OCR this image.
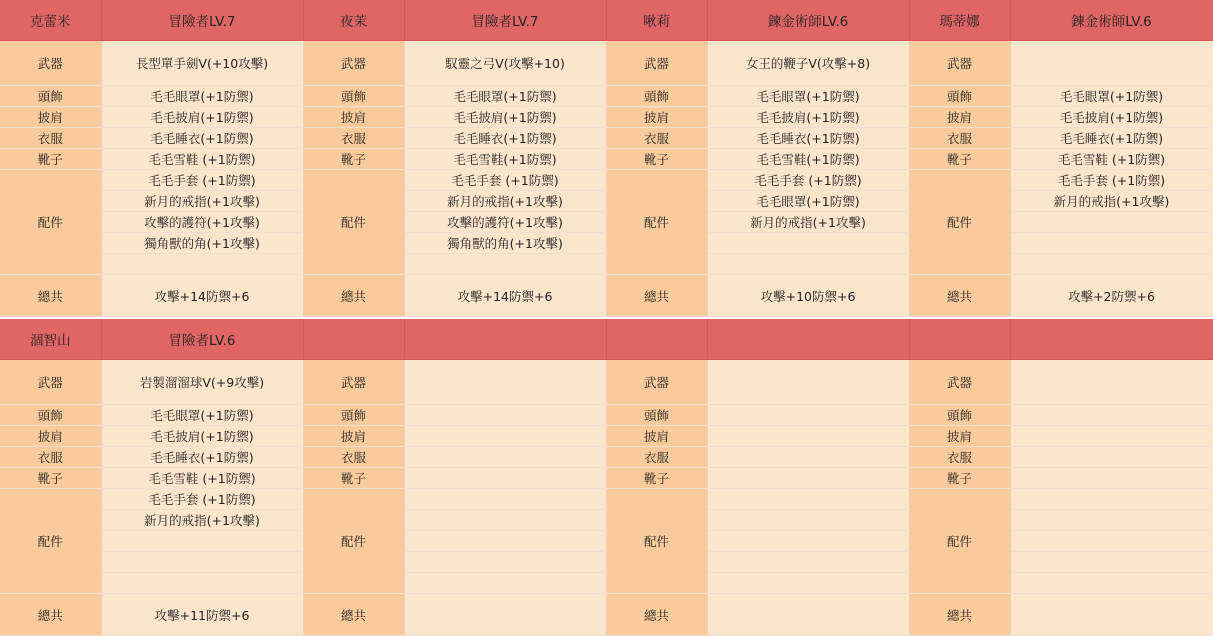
克蕾米	冒險者LV.7	夜茉	冒險者LV.7	啾莉	鍊金術師LV.6	瑪蒂娜	鍊金術師LV.6
武器	長型單手劍V(+10攻擊)	武器	馭靈之弓V(攻擊+10)	武器	女王的鞭子V(攻擊+8)	武器	
頭飾	毛毛眼罩(+1防禦)	頭飾	毛毛眼罩(+1防禦)	頭飾	毛毛眼罩(+1防禦)	頭飾	毛毛眼罩(+1防禦)
披肩	毛毛披肩(+1防禦)	披肩	毛毛披肩(+1防禦)	披肩	毛毛披肩(+1防禦)	披肩	毛毛披肩(+1防禦)
衣服	毛毛睡衣(+1防禦)	衣服	毛毛睡衣(+1防禦)	衣服	毛毛睡衣(+1防禦)	衣服	毛毛睡衣(+1防禦)
靴子	毛毛雪鞋 (+1防禦)	靴子	毛毛雪鞋(+1防禦)	靴子	毛毛雪鞋(+1防禦)	靴子	毛毛雪鞋 (+1防禦)
配件	毛毛手套 (+1防禦)	配件	毛毛手套 (+1防禦)	配件	毛毛手套 (+1防禦)	配件	毛毛手套 (+1防禦)
	新月的戒指(+1攻擊)		新月的戒指(+1攻擊)		毛毛眼罩(+1防禦)		新月的戒指(+1攻擊)
	攻擊的護符(+1攻擊)		攻擊的護符(+1攻擊)		新月的戒指(+1攻擊)		
	獨角獸的角(+1攻擊)		獨角獸的角(+1攻擊)				

總共	攻擊+14防禦+6	總共	攻擊+14防禦+6	總共	攻擊+10防禦+6	總共	攻擊+2防禦+6

涸智山	冒險者LV.6						
武器	岩製溜溜球V(+9攻擊)	武器		武器		武器	
頭飾	毛毛眼罩(+1防禦)	頭飾		頭飾		頭飾	
披肩	毛毛披肩(+1防禦)	披肩		披肩		披肩	
衣服	毛毛睡衣(+1防禦)	衣服		衣服		衣服	
靴子	毛毛雪鞋 (+1防禦)	靴子		靴子		靴子	
配件	毛毛手套 (+1防禦)	配件		配件		配件	
	新月的戒指(+1攻擊)						

總共	攻擊+11防禦+6	總共		總共		總共	
